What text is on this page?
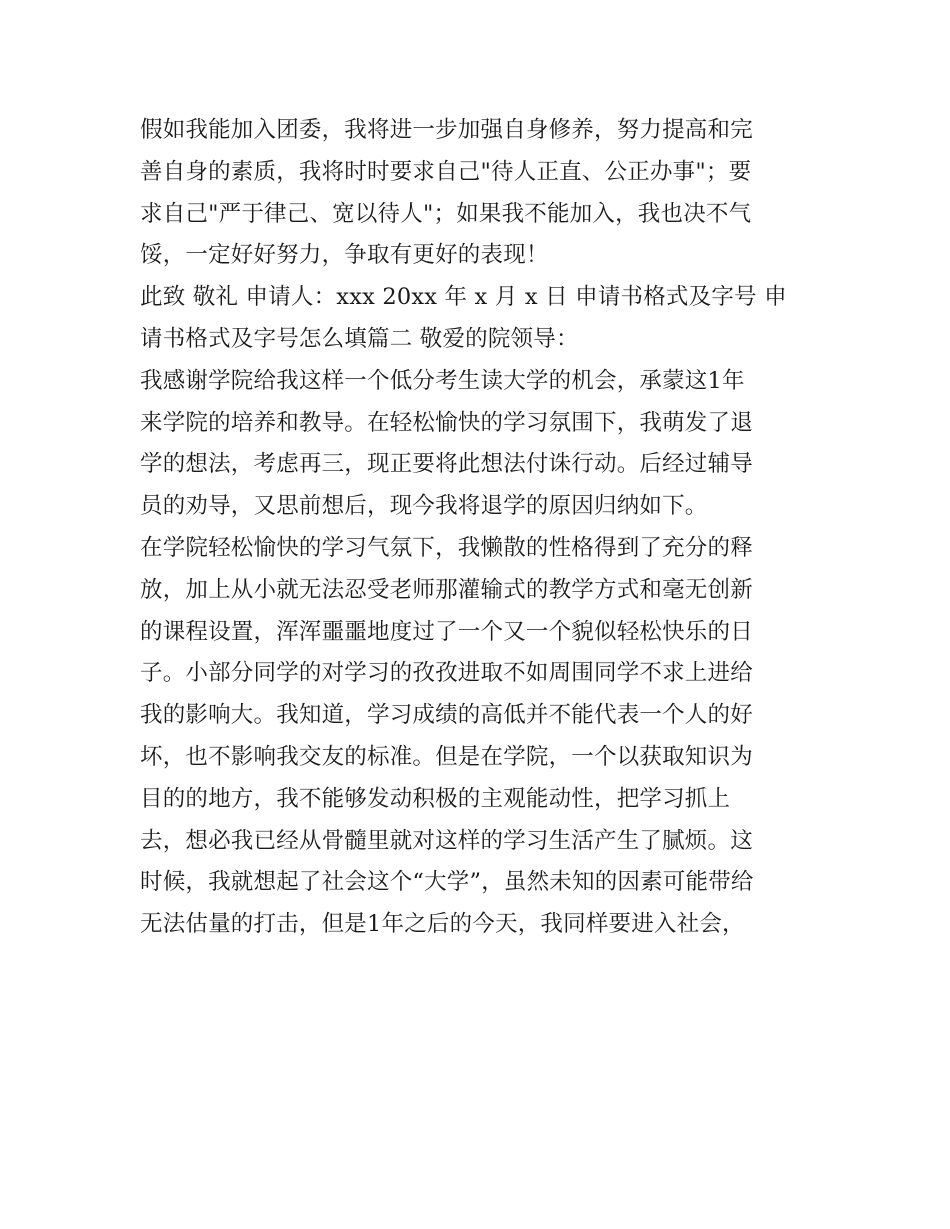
假如我能加入团委，我将进一步加强自身修养，努力提高和完
善自身的素质，我将时时要求自己"待人正直、公正办事"；要
求自己"严于律己、宽以待人"；如果我不能加入，我也决不气
馁，一定好好努力，争取有更好的表现！
此致 敬礼 申请人：xxx 20xx 年 x 月 x 日 申请书格式及字号 申
请书格式及字号怎么填篇二 敬爱的院领导：
我感谢学院给我这样一个低分考生读大学的机会，承蒙这1年
来学院的培养和教导。在轻松愉快的学习氛围下，我萌发了退
学的想法，考虑再三，现正要将此想法付诛行动。后经过辅导
员的劝导，又思前想后，现今我将退学的原因归纳如下。
在学院轻松愉快的学习气氛下，我懒散的性格得到了充分的释
放，加上从小就无法忍受老师那灌输式的教学方式和毫无创新
的课程设置，浑浑噩噩地度过了一个又一个貌似轻松快乐的日
子。小部分同学的对学习的孜孜进取不如周围同学不求上进给
我的影响大。我知道，学习成绩的高低并不能代表一个人的好
坏，也不影响我交友的标准。但是在学院，一个以获取知识为
目的的地方，我不能够发动积极的主观能动性，把学习抓上
去，想必我已经从骨髓里就对这样的学习生活产生了腻烦。这
时候，我就想起了社会这个“大学”，虽然未知的因素可能带给
无法估量的打击，但是1年之后的今天，我同样要进入社会，
